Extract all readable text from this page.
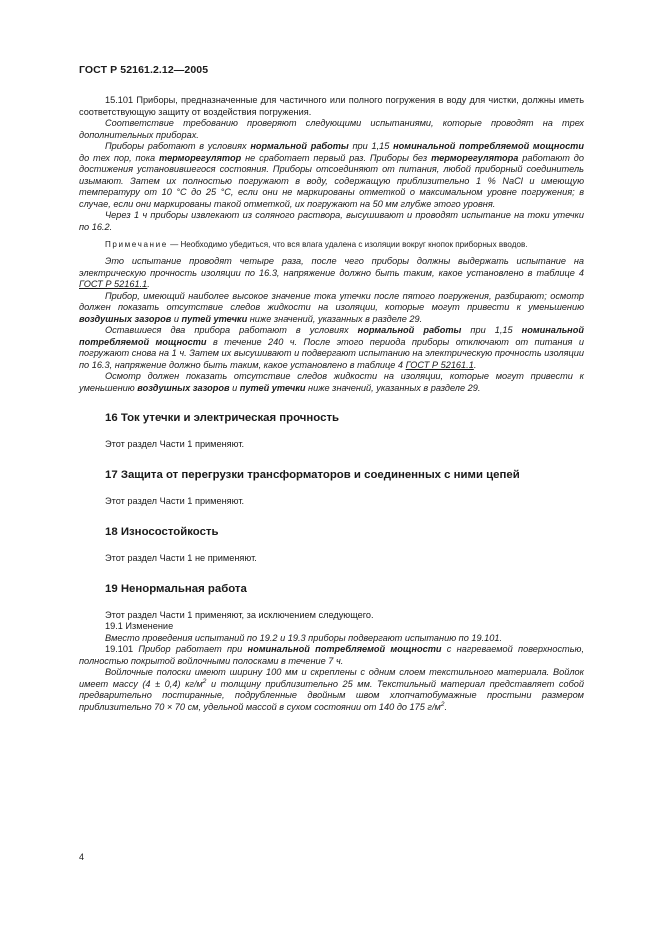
ГОСТ Р 52161.2.12—2005

15.101 Приборы, предназначенные для частичного или полного погружения в воду для чистки, должны иметь соответствующую защиту от воздействия погружения.

Соответствие требованию проверяют следующими испытаниями, которые проводят на трех дополнительных приборах.

Приборы работают в условиях нормальной работы при 1,15 номинальной потребляемой мощности до тех пор, пока терморегулятор не сработает первый раз. Приборы без терморегулятора работают до достижения установившегося состояния. Приборы отсоединяют от питания, любой приборный соединитель изымают. Затем их полностью погружают в воду, содержащую приблизительно 1 % NaCl и имеющую температуру от 10 °С до 25 °С, если они не маркированы отметкой о максимальном уровне погружения; в случае, если они маркированы такой отметкой, их погружают на 50 мм глубже этого уровня.

Через 1 ч приборы извлекают из соляного раствора, высушивают и проводят испытание на токи утечки по 16.2.

Примечание — Необходимо убедиться, что вся влага удалена с изоляции вокруг кнопок приборных вводов.

Это испытание проводят четыре раза, после чего приборы должны выдержать испытание на электрическую прочность изоляции по 16.3, напряжение должно быть таким, какое установлено в таблице 4 ГОСТ Р 52161.1.

Прибор, имеющий наиболее высокое значение тока утечки после пятого погружения, разбирают; осмотр должен показать отсутствие следов жидкости на изоляции, которые могут привести к уменьшению воздушных зазоров и путей утечки ниже значений, указанных в разделе 29.

Оставшиеся два прибора работают в условиях нормальной работы при 1,15 номинальной потребляемой мощности в течение 240 ч. После этого периода приборы отключают от питания и погружают снова на 1 ч. Затем их высушивают и подвергают испытанию на электрическую прочность изоляции по 16.3, напряжение должно быть таким, какое установлено в таблице 4 ГОСТ Р 52161.1.

Осмотр должен показать отсутствие следов жидкости на изоляции, которые могут привести к уменьшению воздушных зазоров и путей утечки ниже значений, указанных в разделе 29.

16 Ток утечки и электрическая прочность

Этот раздел Части 1 применяют.

17 Защита от перегрузки трансформаторов и соединенных с ними цепей

Этот раздел Части 1 применяют.

18 Износостойкость

Этот раздел Части 1 не применяют.

19 Ненормальная работа

Этот раздел Части 1 применяют, за исключением следующего.

19.1 Изменение

Вместо проведения испытаний по 19.2 и 19.3 приборы подвергают испытанию по 19.101.

19.101 Прибор работает при номинальной потребляемой мощности с нагреваемой поверхностью, полностью покрытой войлочными полосками в течение 7 ч.

Войлочные полоски имеют ширину 100 мм и скреплены с одним слоем текстильного материала. Войлок имеет массу (4 ± 0,4) $кг/м^2$ и толщину приблизительно 25 мм. Текстильный материал представляет собой предварительно постиранные, подрубленные двойным швом хлопчатобумажные простыни размером приблизительно 70 × 70 см, удельной массой в сухом состоянии от 140 до 175 $г/м^2$.

4
